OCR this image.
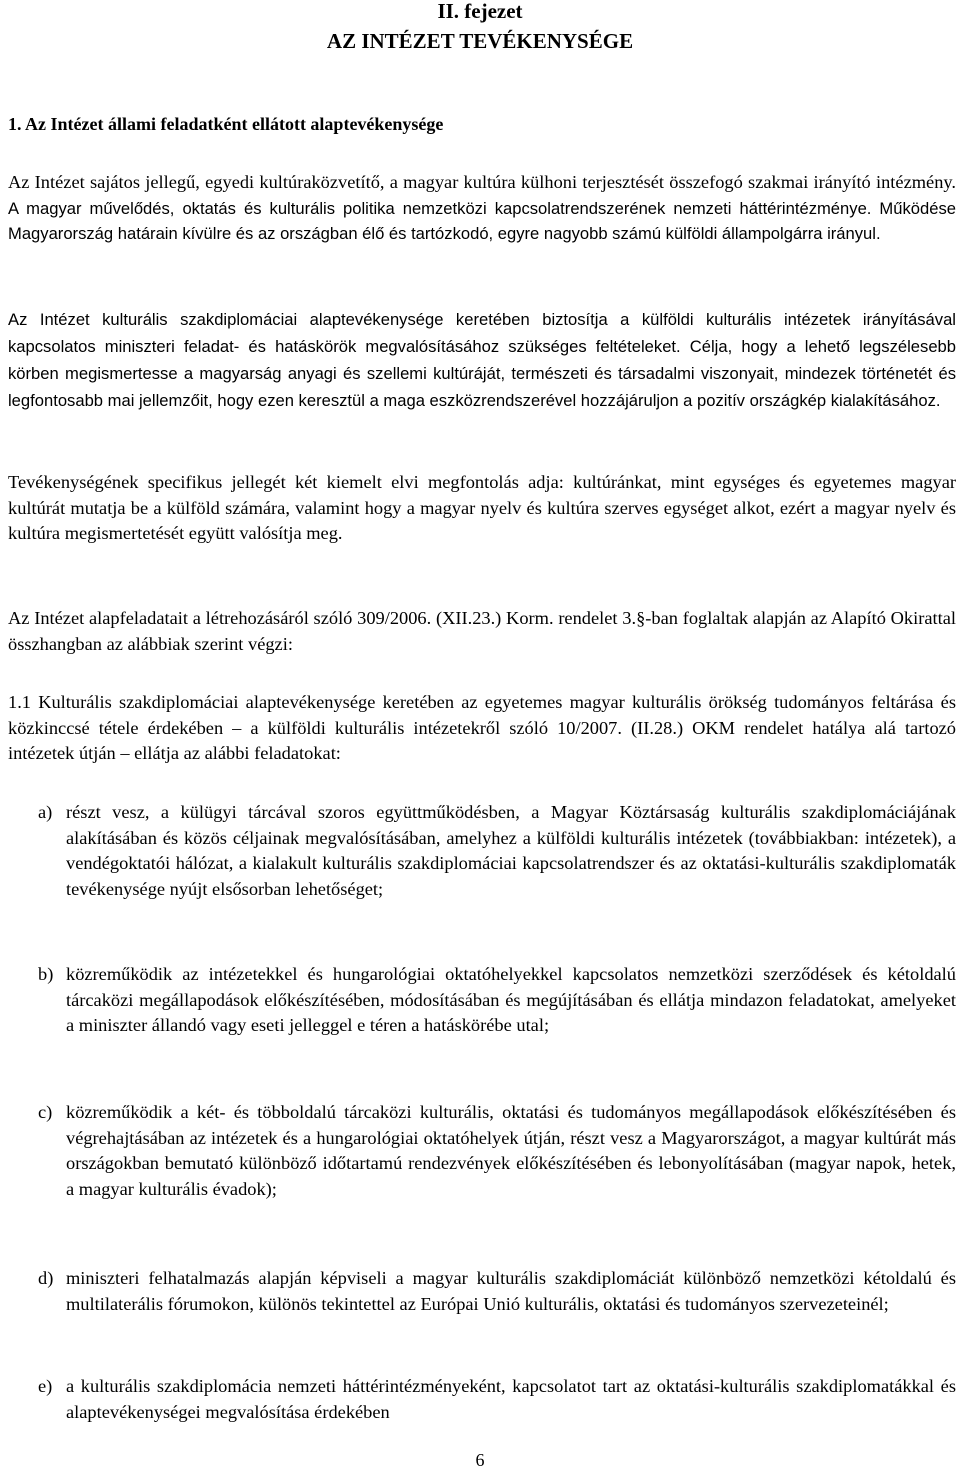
II. fejezet
AZ INTÉZET TEVÉKENYSÉGE
1. Az Intézet állami feladatként ellátott alaptevékenysége

Az Intézet sajátos jellegű, egyedi kultúraközvetítő, a magyar kultúra külhoni terjesztését összefogó szakmai irányító intézmény. A magyar művelődés, oktatás és kulturális politika nemzetközi kapcsolatrendszerének nemzeti háttérintézménye. Működése Magyarország határain kívülre és az országban élő és tartózkodó, egyre nagyobb számú külföldi állampolgárra irányul.

Az Intézet kulturális szakdiplomáciai alaptevékenysége keretében biztosítja a külföldi kulturális intézetek irányításával kapcsolatos miniszteri feladat- és hatáskörök megvalósításához szükséges feltételeket. Célja, hogy a lehető legszélesebb körben megismertesse a magyarság anyagi és szellemi kultúráját, természeti és társadalmi viszonyait, mindezek történetét és legfontosabb mai jellemzőit, hogy ezen keresztül a maga eszközrendszerével hozzájáruljon a pozitív országkép kialakításához.

Tevékenységének specifikus jellegét két kiemelt elvi megfontolás adja: kultúránkat, mint egységes és egyetemes magyar kultúrát mutatja be a külföld számára, valamint hogy a magyar nyelv és kultúra szerves egységet alkot, ezért a magyar nyelv és kultúra megismertetését együtt valósítja meg.

Az Intézet alapfeladatait a létrehozásáról szóló 309/2006. (XII.23.) Korm. rendelet 3.§-ban foglaltak alapján az Alapító Okirattal összhangban az alábbiak szerint végzi:

1.1 Kulturális szakdiplomáciai alaptevékenysége keretében az egyetemes magyar kulturális örökség tudományos feltárása és közkinccsé tétele érdekében – a külföldi kulturális intézetekről szóló 10/2007. (II.28.) OKM rendelet hatálya alá tartozó intézetek útján – ellátja az alábbi feladatokat:

a) részt vesz, a külügyi tárcával szoros együttműködésben, a Magyar Köztársaság kulturális szakdiplomáciájának alakításában és közös céljainak megvalósításában, amelyhez a külföldi kulturális intézetek (továbbiakban: intézetek), a vendégoktatói hálózat, a kialakult kulturális szakdiplomáciai kapcsolatrendszer és az oktatási-kulturális szakdiplomaták tevékenysége nyújt elsősorban lehetőséget;
b) közreműködik az intézetekkel és hungarológiai oktatóhelyekkel kapcsolatos nemzetközi szerződések és kétoldalú tárcaközi megállapodások előkészítésében, módosításában és megújításában és ellátja mindazon feladatokat, amelyeket a miniszter állandó vagy eseti jelleggel e téren a hatáskörébe utal;
c) közreműködik a két- és többoldalú tárcaközi kulturális, oktatási és tudományos megállapodások előkészítésében és végrehajtásában az intézetek és a hungarológiai oktatóhelyek útján, részt vesz a Magyarországot, a magyar kultúrát más országokban bemutató különböző időtartamú rendezvények előkészítésében és lebonyolításában (magyar napok, hetek, a magyar kulturális évadok);
d) miniszteri felhatalmazás alapján képviseli a magyar kulturális szakdiplomáciát különböző nemzetközi kétoldalú és multilaterális fórumokon, különös tekintettel az Európai Unió kulturális, oktatási és tudományos szervezeteinél;
e) a kulturális szakdiplomácia nemzeti háttérintézményeként, kapcsolatot tart az oktatási-kulturális szakdiplomatákkal és alaptevékenységei megvalósítása érdekében
6
